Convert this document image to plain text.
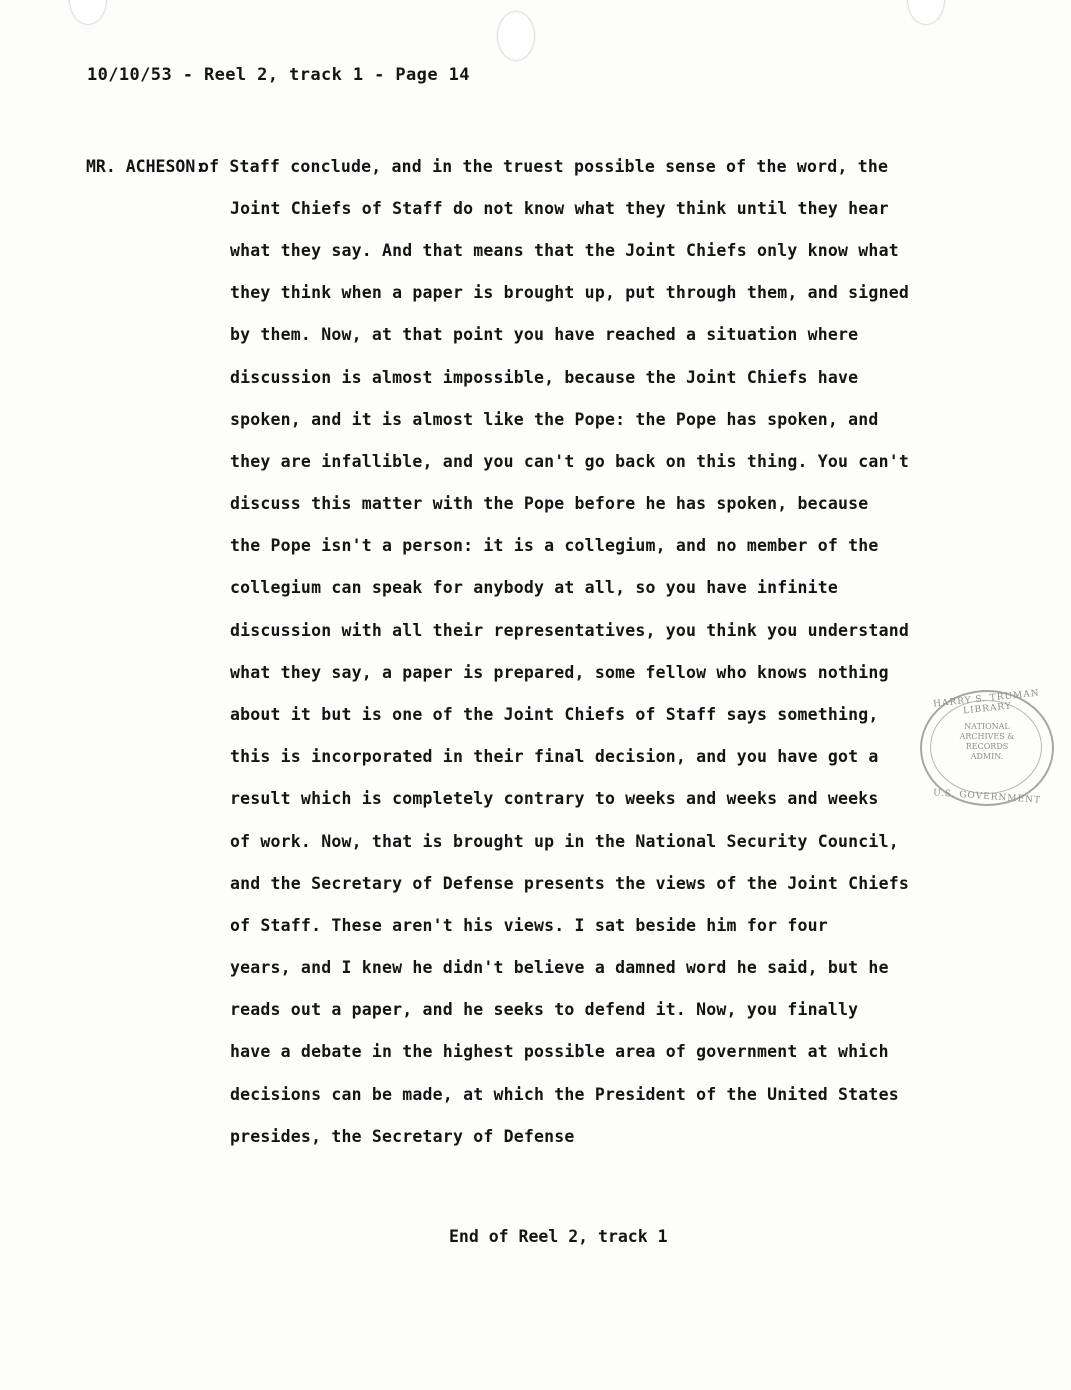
10/10/53 - Reel 2, track 1 - Page 14
MR. ACHESON:
of Staff conclude, and in the truest possible sense of the word, the
Joint Chiefs of Staff do not know what they think until they hear
what they say. And that means that the Joint Chiefs only know what
they think when a paper is brought up, put through them, and signed
by them. Now, at that point you have reached a situation where
discussion is almost impossible, because the Joint Chiefs have
spoken, and it is almost like the Pope: the Pope has spoken, and
they are infallible, and you can't go back on this thing. You can't
discuss this matter with the Pope before he has spoken, because
the Pope isn't a person: it is a collegium, and no member of the
collegium can speak for anybody at all, so you have infinite
discussion with all their representatives, you think you understand
what they say, a paper is prepared, some fellow who knows nothing
about it but is one of the Joint Chiefs of Staff says something,
this is incorporated in their final decision, and you have got a
result which is completely contrary to weeks and weeks and weeks
of work. Now, that is brought up in the National Security Council,
and the Secretary of Defense presents the views of the Joint Chiefs
of Staff. These aren't his views. I sat beside him for four
years, and I knew he didn't believe a damned word he said, but he
reads out a paper, and he seeks to defend it. Now, you finally
have a debate in the highest possible area of government at which
decisions can be made, at which the President of the United States
presides, the Secretary of Defense
End of Reel 2, track 1
HARRY S. TRUMAN LIBRARY
NATIONAL
ARCHIVES &
RECORDS
ADMIN.
U.S. GOVERNMENT
